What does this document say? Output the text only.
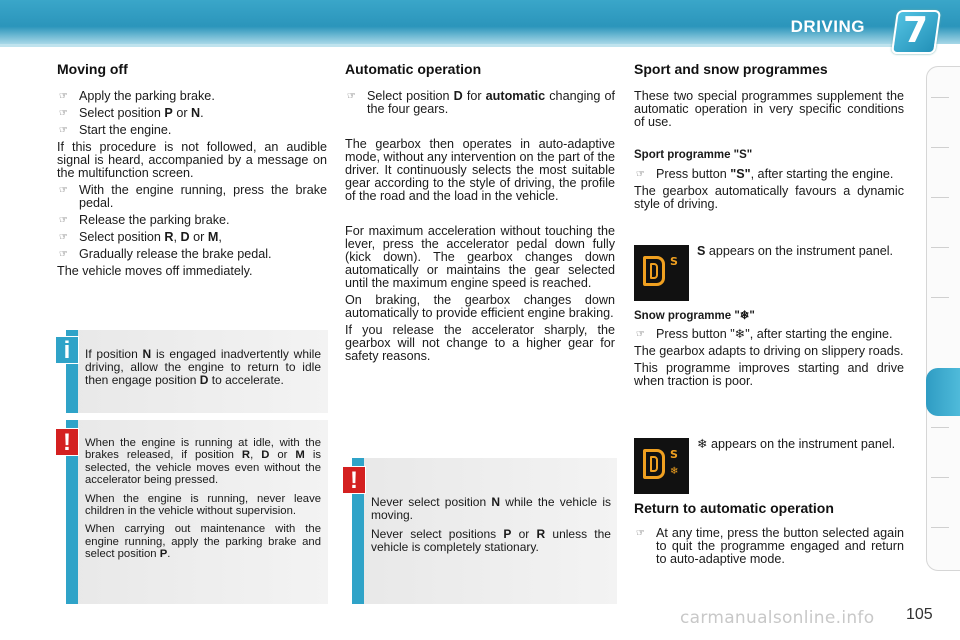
DRIVING 7
Moving off
☞ Apply the parking brake.
☞ Select position P or N.
☞ Start the engine.
If this procedure is not followed, an audible signal is heard, accompanied by a message on the multifunction screen.
☞ With the engine running, press the brake pedal.
☞ Release the parking brake.
☞ Select position R, D or M,
☞ Gradually release the brake pedal.
The vehicle moves off immediately.
If position N is engaged inadvertently while driving, allow the engine to return to idle then engage position D to accelerate.
i
When the engine is running at idle, with the brakes released, if position R, D or M is selected, the vehicle moves even without the accelerator being pressed.
When the engine is running, never leave children in the vehicle without supervision.
When carrying out maintenance with the engine running, apply the parking brake and select position P.
!
Automatic operation
☞ Select position D for automatic changing of the four gears.
The gearbox then operates in auto-adaptive mode, without any intervention on the part of the driver. It continuously selects the most suitable gear according to the style of driving, the profile of the road and the load in the vehicle.
For maximum acceleration without touching the lever, press the accelerator pedal down fully (kick down). The gearbox changes down automatically or maintains the gear selected until the maximum engine speed is reached.
On braking, the gearbox changes down automatically to provide efficient engine braking.
If you release the accelerator sharply, the gearbox will not change to a higher gear for safety reasons.
Never select position N while the vehicle is moving.
Never select positions P or R unless the vehicle is completely stationary.
!
Sport and snow programmes
These two special programmes supplement the automatic operation in very specific conditions of use.
Sport programme "S"
☞ Press button "S", after starting the engine.
The gearbox automatically favours a dynamic style of driving.
S
S appears on the instrument panel.
Snow programme "❄"
☞ Press button "❄", after starting the engine.
The gearbox adapts to driving on slippery roads.
This programme improves starting and drive when traction is poor.
S
❄
❄ appears on the instrument panel.
Return to automatic operation
☞ At any time, press the button selected again to quit the programme engaged and return to auto-adaptive mode.
carmanualsonline.info 105
